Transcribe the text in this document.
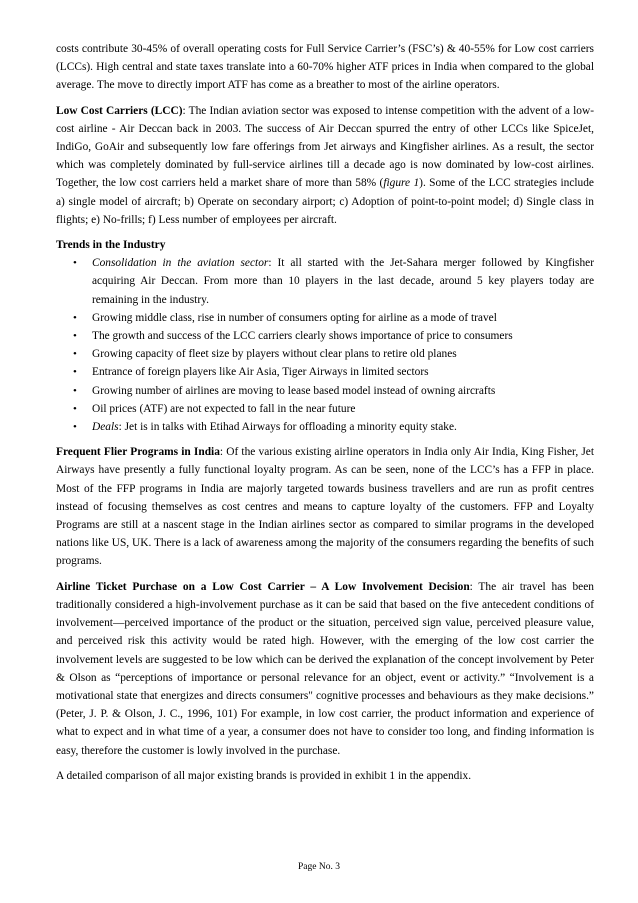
costs contribute 30-45% of overall operating costs for Full Service Carrier’s (FSC’s) & 40-55% for Low cost carriers (LCCs). High central and state taxes translate into a 60-70% higher ATF prices in India when compared to the global average. The move to directly import ATF has come as a breather to most of the airline operators.

Low Cost Carriers (LCC): The Indian aviation sector was exposed to intense competition with the advent of a low-cost airline - Air Deccan back in 2003. The success of Air Deccan spurred the entry of other LCCs like SpiceJet, IndiGo, GoAir and subsequently low fare offerings from Jet airways and Kingfisher airlines. As a result, the sector which was completely dominated by full-service airlines till a decade ago is now dominated by low-cost airlines. Together, the low cost carriers held a market share of more than 58% (figure 1). Some of the LCC strategies include a) single model of aircraft; b) Operate on secondary airport; c) Adoption of point-to-point model; d) Single class in flights; e) No-frills; f) Less number of employees per aircraft.

Trends in the Industry
• Consolidation in the aviation sector: It all started with the Jet-Sahara merger followed by Kingfisher acquiring Air Deccan. From more than 10 players in the last decade, around 5 key players today are remaining in the industry.
• Growing middle class, rise in number of consumers opting for airline as a mode of travel
• The growth and success of the LCC carriers clearly shows importance of price to consumers
• Growing capacity of fleet size by players without clear plans to retire old planes
• Entrance of foreign players like Air Asia, Tiger Airways in limited sectors
• Growing number of airlines are moving to lease based model instead of owning aircrafts
• Oil prices (ATF) are not expected to fall in the near future
• Deals: Jet is in talks with Etihad Airways for offloading a minority equity stake.

Frequent Flier Programs in India: Of the various existing airline operators in India only Air India, King Fisher, Jet Airways have presently a fully functional loyalty program. As can be seen, none of the LCC’s has a FFP in place. Most of the FFP programs in India are majorly targeted towards business travellers and are run as profit centres instead of focusing themselves as cost centres and means to capture loyalty of the customers. FFP and Loyalty Programs are still at a nascent stage in the Indian airlines sector as compared to similar programs in the developed nations like US, UK. There is a lack of awareness among the majority of the consumers regarding the benefits of such programs.

Airline Ticket Purchase on a Low Cost Carrier – A Low Involvement Decision: The air travel has been traditionally considered a high-involvement purchase as it can be said that based on the five antecedent conditions of involvement—perceived importance of the product or the situation, perceived sign value, perceived pleasure value, and perceived risk this activity would be rated high. However, with the emerging of the low cost carrier the involvement levels are suggested to be low which can be derived the explanation of the concept involvement by Peter & Olson as “perceptions of importance or personal relevance for an object, event or activity.” “Involvement is a motivational state that energizes and directs consumers" cognitive processes and behaviours as they make decisions.” (Peter, J. P. & Olson, J. C., 1996, 101) For example, in low cost carrier, the product information and experience of what to expect and in what time of a year, a consumer does not have to consider too long, and finding information is easy, therefore the customer is lowly involved in the purchase.

A detailed comparison of all major existing brands is provided in exhibit 1 in the appendix.

Page No. 3
